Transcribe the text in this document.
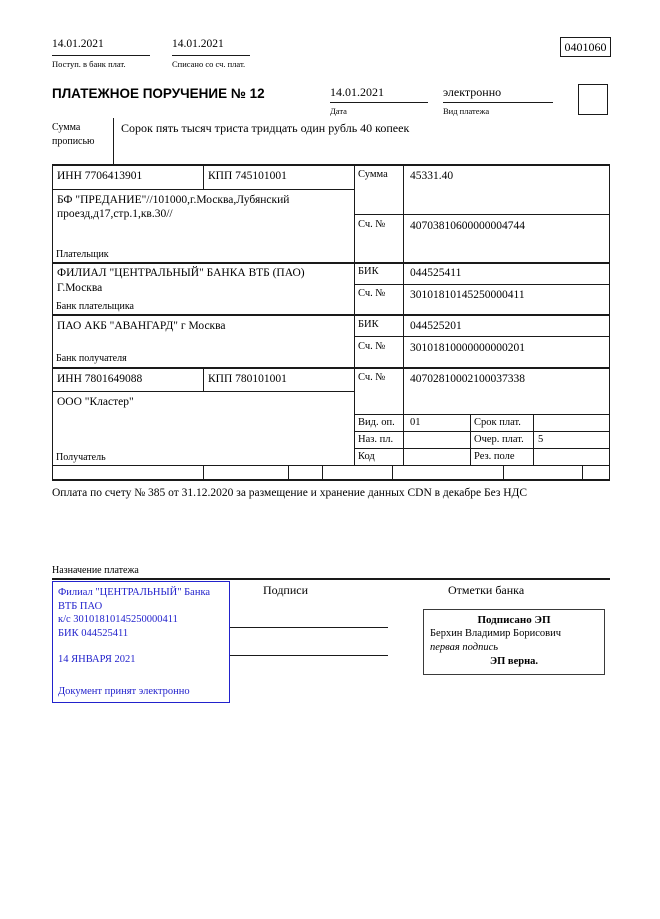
14.01.2021
Поступ. в банк плат.
14.01.2021
Списано со сч. плат.
0401060
ПЛАТЕЖНОЕ ПОРУЧЕНИЕ № 12	14.01.2021
Дата
электронно
Вид платежа
Сумма прописью
Сорок пять тысяч триста тридцать один рубль 40 копеек
ИНН 7706413901	КПП 745101001	Сумма 45331.40
БФ "ПРЕДАНИЕ"//101000,г.Москва,Лубянский проезд,д17,стр.1,кв.30//
Сч. № 40703810600000004744
Плательщик
ФИЛИАЛ "ЦЕНТРАЛЬНЫЙ" БАНКА ВТБ (ПАО)
Г.Москва
БИК	044525411
Сч. № 30101810145250000411
Банк плательщика
ПАО АКБ "АВАНГАРД" г Москва	БИК	044525201
Сч. № 30101810000000000201
Банк получателя
ИНН 7801649088	КПП 780101001	Сч. № 40702810002100037338
ООО "Кластер"
Получатель
Вид. оп. 01	Срок плат.
Наз. пл.	Очер. плат. 5
Код	Рез. поле
Оплата по счету № 385 от 31.12.2020 за размещение и хранение данных CDN в декабре Без НДС
Назначение платежа
Филиал "ЦЕНТРАЛЬНЫЙ" Банка
ВТБ ПАО
к/с 30101810145250000411
БИК 044525411
14 ЯНВАРЯ 2021
Документ принят электронно
Подписи	Отметки банка
Подписано ЭП
Берхин Владимир Борисович
первая подпись
ЭП верна.
